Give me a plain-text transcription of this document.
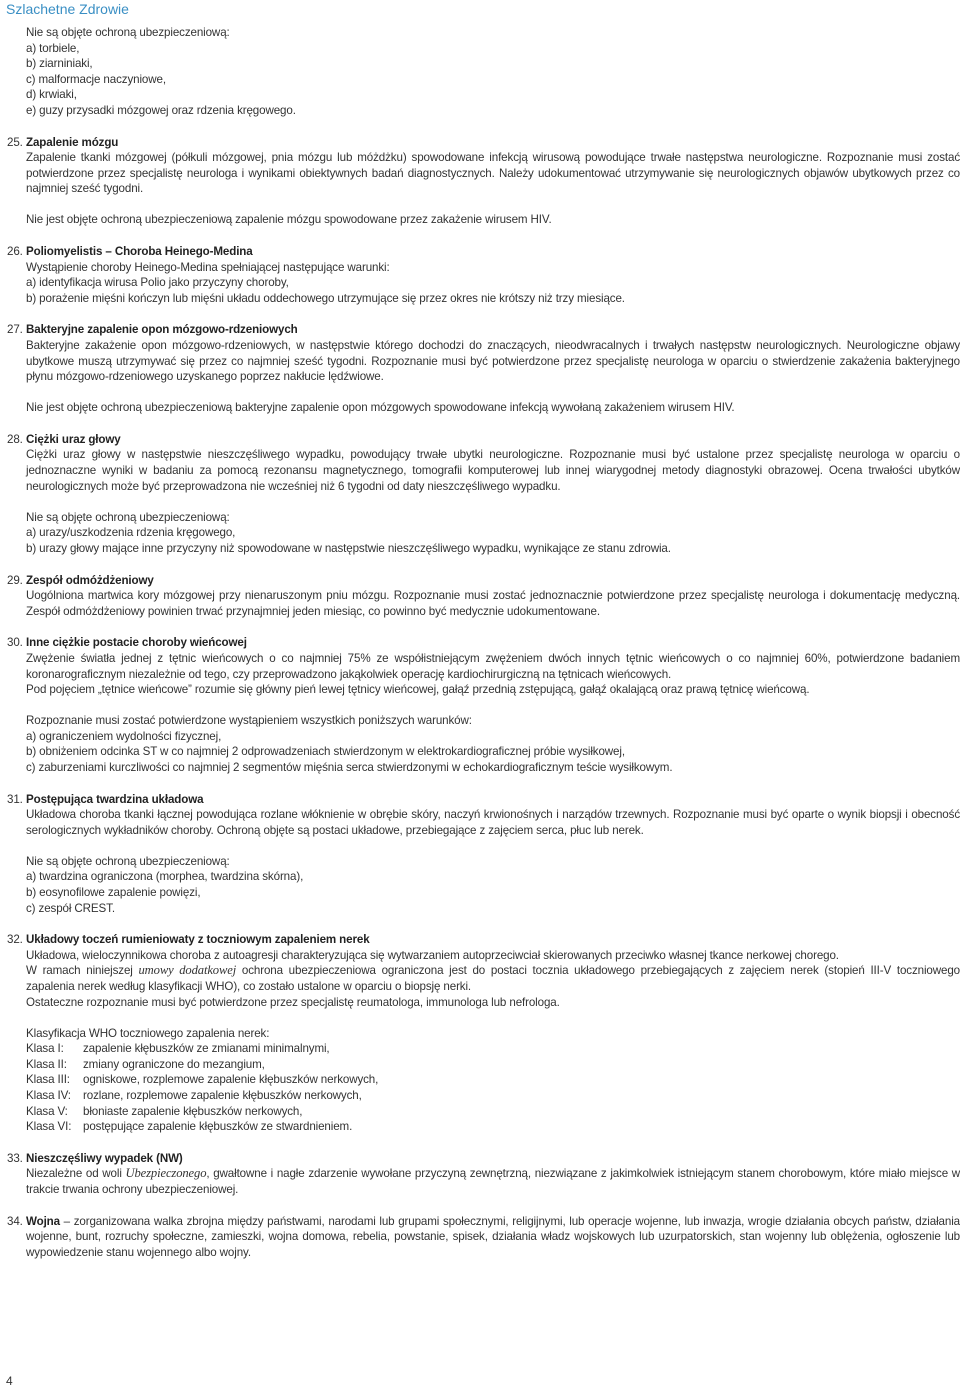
Szlachetne Zdrowie

Nie są objęte ochroną ubezpieczeniową:

a) torbiele,
b) ziarniniaki,
c) malformacje naczyniowe,
d) krwiaki,
e) guzy przysadki mózgowej oraz rdzenia kręgowego.
25. Zapalenie mózgu

Zapalenie tkanki mózgowej (półkuli mózgowej, pnia mózgu lub móżdżku) spowodowane infekcją wirusową powodujące trwałe następstwa neurologiczne. Rozpoznanie musi zostać potwierdzone przez specjalistę neurologa i wynikami obiektywnych badań diagnostycznych. Należy udokumentować utrzymywanie się neurologicznych objawów ubytkowych przez co najmniej sześć tygodni.

Nie jest objęte ochroną ubezpieczeniową zapalenie mózgu spowodowane przez zakażenie wirusem HIV.

26. Poliomyelistis – Choroba Heinego-Medina

Wystąpienie choroby Heinego-Medina spełniającej następujące warunki:

a) identyfikacja wirusa Polio jako przyczyny choroby,
b) porażenie mięśni kończyn lub mięśni układu oddechowego utrzymujące się przez okres nie krótszy niż trzy miesiące.
27. Bakteryjne zapalenie opon mózgowo-rdzeniowych

Bakteryjne zakażenie opon mózgowo-rdzeniowych, w następstwie którego dochodzi do znaczących, nieodwracalnych i trwałych następstw neurologicznych. Neurologiczne objawy ubytkowe muszą utrzymywać się przez co najmniej sześć tygodni. Rozpoznanie musi być potwierdzone przez specjalistę neurologa w oparciu o stwierdzenie zakażenia bakteryjnego płynu mózgowo-rdzeniowego uzyskanego poprzez nakłucie lędźwiowe.

Nie jest objęte ochroną ubezpieczeniową bakteryjne zapalenie opon mózgowych spowodowane infekcją wywołaną zakażeniem wirusem HIV.

28. Ciężki uraz głowy

Ciężki uraz głowy w następstwie nieszczęśliwego wypadku, powodujący trwałe ubytki neurologiczne. Rozpoznanie musi być ustalone przez specjalistę neurologa w oparciu o jednoznaczne wyniki w badaniu za pomocą rezonansu magnetycznego, tomografii komputerowej lub innej wiarygodnej metody diagnostyki obrazowej. Ocena trwałości ubytków neurologicznych może być przeprowadzona nie wcześniej niż 6 tygodni od daty nieszczęśliwego wypadku.

Nie są objęte ochroną ubezpieczeniową:

a) urazy/uszkodzenia rdzenia kręgowego,
b) urazy głowy mające inne przyczyny niż spowodowane w następstwie nieszczęśliwego wypadku, wynikające ze stanu zdrowia.
29. Zespół odmóżdżeniowy

Uogólniona martwica kory mózgowej przy nienaruszonym pniu mózgu. Rozpoznanie musi zostać jednoznacznie potwierdzone przez specjalistę neurologa i dokumentację medyczną. Zespół odmóżdżeniowy powinien trwać przynajmniej jeden miesiąc, co powinno być medycznie udokumentowane.

30. Inne ciężkie postacie choroby wieńcowej

Zwężenie światła jednej z tętnic wieńcowych o co najmniej 75% ze współistniejącym zwężeniem dwóch innych tętnic wieńcowych o co najmniej 60%, potwierdzone badaniem koronarograficznym niezależnie od tego, czy przeprowadzono jakąkolwiek operację kardiochirurgiczną na tętnicach wieńcowych.

Pod pojęciem „tętnice wieńcowe” rozumie się główny pień lewej tętnicy wieńcowej, gałąź przednią zstępującą, gałąź okalającą oraz prawą tętnicę wieńcową.

Rozpoznanie musi zostać potwierdzone wystąpieniem wszystkich poniższych warunków:

a) ograniczeniem wydolności fizycznej,
b) obniżeniem odcinka ST w co najmniej 2 odprowadzeniach stwierdzonym w elektrokardiograficznej próbie wysiłkowej,
c) zaburzeniami kurczliwości co najmniej 2 segmentów mięśnia serca stwierdzonymi w echokardiograficznym teście wysiłkowym.
31. Postępująca twardzina układowa

Układowa choroba tkanki łącznej powodująca rozlane włóknienie w obrębie skóry, naczyń krwionośnych i narządów trzewnych. Rozpoznanie musi być oparte o wynik biopsji i obecność serologicznych wykładników choroby. Ochroną objęte są postaci układowe, przebiegające z zajęciem serca, płuc lub nerek.

Nie są objęte ochroną ubezpieczeniową:

a) twardzina ograniczona (morphea, twardzina skórna),
b) eosynofilowe zapalenie powięzi,
c) zespół CREST.
32. Układowy toczeń rumieniowaty z toczniowym zapaleniem nerek

Układowa, wieloczynnikowa choroba z autoagresji charakteryzująca się wytwarzaniem autoprzeciwciał skierowanych przeciwko własnej tkance nerkowej chorego.

W ramach niniejszej umowy dodatkowej ochrona ubezpieczeniowa ograniczona jest do postaci tocznia układowego przebiegających z zajęciem nerek (stopień III-V toczniowego zapalenia nerek według klasyfikacji WHO), co zostało ustalone w oparciu o biopsję nerki.

Ostateczne rozpoznanie musi być potwierdzone przez specjalistę reumatologa, immunologa lub nefrologa.

Klasyfikacja WHO toczniowego zapalenia nerek:

Klasa I:	zapalenie kłębuszków ze zmianami minimalnymi,
Klasa II:	zmiany ograniczone do mezangium,
Klasa III:	ogniskowe, rozplemowe zapalenie kłębuszków nerkowych,
Klasa IV:	rozlane, rozplemowe zapalenie kłębuszków nerkowych,
Klasa V:	błoniaste zapalenie kłębuszków nerkowych,
Klasa VI:	postępujące zapalenie kłębuszków ze stwardnieniem.
33. Nieszczęśliwy wypadek (NW)

Niezależne od woli Ubezpieczonego, gwałtowne i nagłe zdarzenie wywołane przyczyną zewnętrzną, niezwiązane z jakimkolwiek istniejącym stanem chorobowym, które miało miejsce w trakcie trwania ochrony ubezpieczeniowej.

34. Wojna – zorganizowana walka zbrojna między państwami, narodami lub grupami społecznymi, religijnymi, lub operacje wojenne, lub inwazja, wrogie działania obcych państw, działania wojenne, bunt, rozruchy społeczne, zamieszki, wojna domowa, rebelia, powstanie, spisek, działania władz wojskowych lub uzurpatorskich, stan wojenny lub oblężenia, ogłoszenie lub wypowiedzenie stanu wojennego albo wojny.

4
